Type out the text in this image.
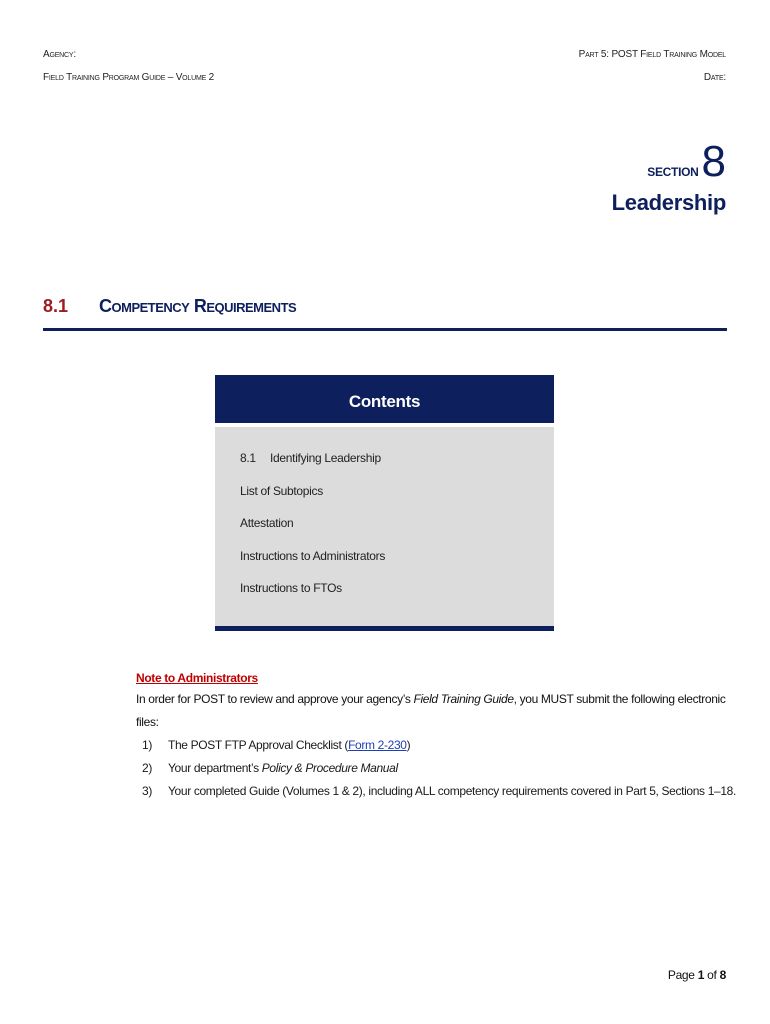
Agency:
Field Training Program Guide – Volume 2
Part 5: POST Field Training Model
Date:
SECTION 8
Leadership
8.1 Competency Requirements
Contents
8.1 Identifying Leadership
List of Subtopics
Attestation
Instructions to Administrators
Instructions to FTOs
Note to Administrators
In order for POST to review and approve your agency’s Field Training Guide, you MUST submit the following electronic files:
1) The POST FTP Approval Checklist (Form 2-230)
2) Your department’s Policy & Procedure Manual
3) Your completed Guide (Volumes 1 & 2), including ALL competency requirements covered in Part 5, Sections 1–18.
Page 1 of 8
